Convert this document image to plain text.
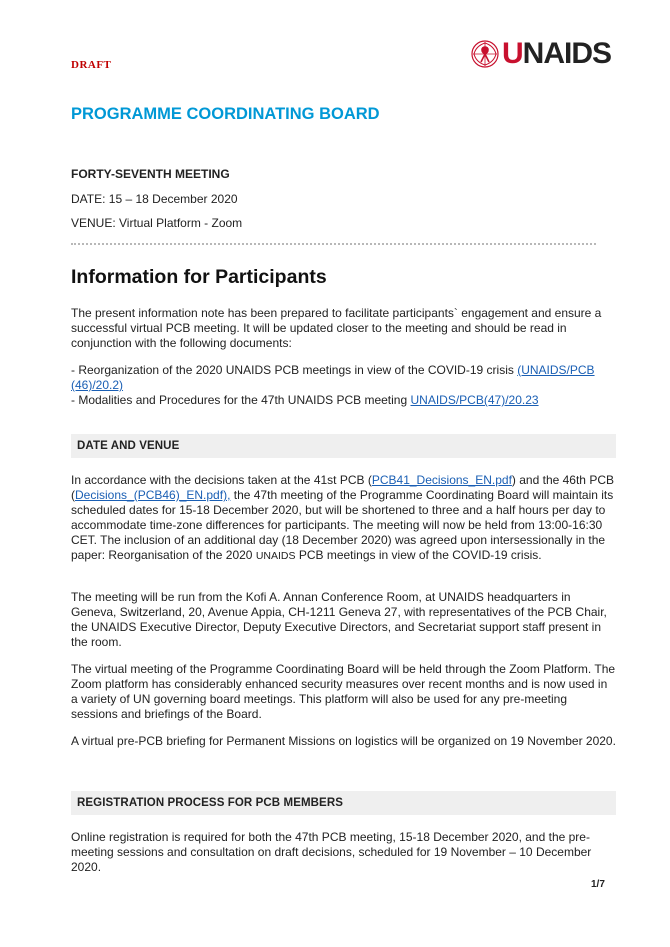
DRAFT	UNAIDS
PROGRAMME COORDINATING BOARD
FORTY-SEVENTH MEETING
DATE: 15 – 18 December 2020
VENUE: Virtual Platform - Zoom
Information for Participants

The present information note has been prepared to facilitate participants` engagement and ensure a successful virtual PCB meeting. It will be updated closer to the meeting and should be read in conjunction with the following documents:

- Reorganization of the 2020 UNAIDS PCB meetings in view of the COVID-19 crisis (UNAIDS/PCB (46)/20.2)
- Modalities and Procedures for the 47th UNAIDS PCB meeting UNAIDS/PCB(47)/20.23

DATE AND VENUE

In accordance with the decisions taken at the 41st PCB (PCB41_Decisions_EN.pdf) and the 46th PCB (Decisions_(PCB46)_EN.pdf), the 47th meeting of the Programme Coordinating Board will maintain its scheduled dates for 15-18 December 2020, but will be shortened to three and a half hours per day to accommodate time-zone differences for participants. The meeting will now be held from 13:00-16:30 CET. The inclusion of an additional day (18 December 2020) was agreed upon intersessionally in the paper: Reorganisation of the 2020 UNAIDS PCB meetings in view of the COVID-19 crisis.

The meeting will be run from the Kofi A. Annan Conference Room, at UNAIDS headquarters in Geneva, Switzerland, 20, Avenue Appia, CH-1211 Geneva 27, with representatives of the PCB Chair, the UNAIDS Executive Director, Deputy Executive Directors, and Secretariat support staff present in the room.

The virtual meeting of the Programme Coordinating Board will be held through the Zoom Platform. The Zoom platform has considerably enhanced security measures over recent months and is now used in a variety of UN governing board meetings. This platform will also be used for any pre-meeting sessions and briefings of the Board.

A virtual pre-PCB briefing for Permanent Missions on logistics will be organized on 19 November 2020.

REGISTRATION PROCESS FOR PCB MEMBERS

Online registration is required for both the 47th PCB meeting, 15-18 December 2020, and the pre-meeting sessions and consultation on draft decisions, scheduled for 19 November – 10 December 2020.

1/7
